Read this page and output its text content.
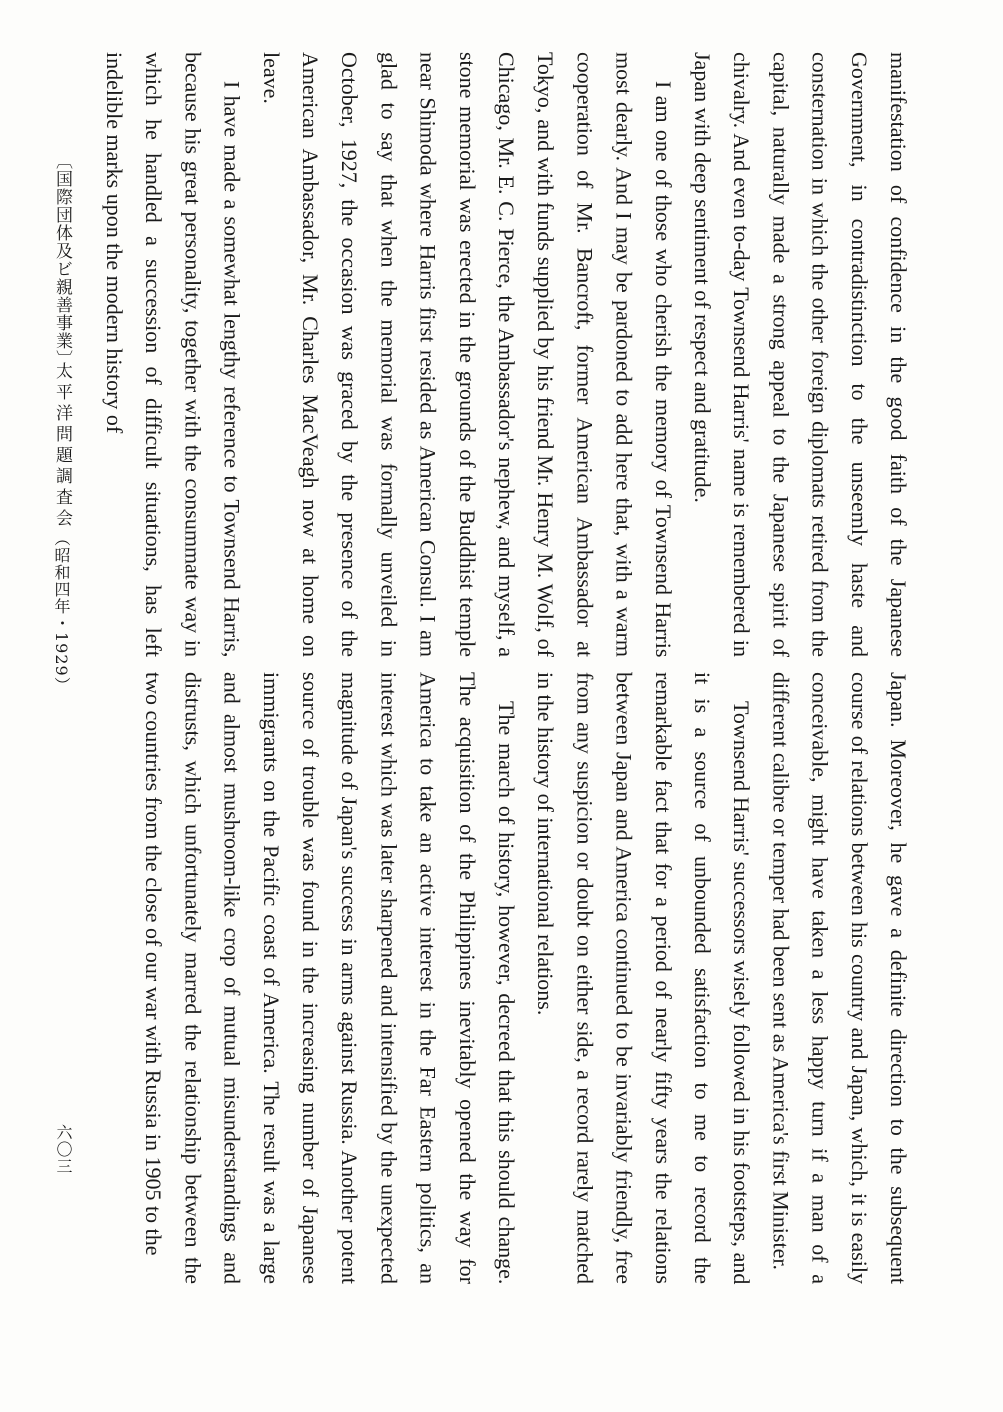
manifestation of confidence in the good faith of the Japanese Government, in contradistinction to the unseemly haste and consternation in which the other foreign diplomats retired from the capital, naturally made a strong appeal to the Japanese spirit of chivalry. And even to-day Townsend Harris' name is remembered in Japan with deep sentiment of respect and gratitude.

I am one of those who cherish the memory of Townsend Harris most dearly. And I may be pardoned to add here that, with a warm cooperation of Mr. Bancroft, former American Ambassador at Tokyo, and with funds supplied by his friend Mr. Henry M. Wolf, of Chicago, Mr. E. C. Pierce, the Ambassador's nephew, and myself, a stone memorial was erected in the grounds of the Buddhist temple near Shimoda where Harris first resided as American Consul. I am glad to say that when the memorial was formally unveiled in October, 1927, the occasion was graced by the presence of the American Ambassador, Mr. Charles MacVeagh now at home on leave.

I have made a somewhat lengthy reference to Townsend Harris, because his great personality, together with the consummate way in which he handled a succession of difficult situations, has left indelible marks upon the modern history of

Japan. Moreover, he gave a definite direction to the subsequent course of relations between his country and Japan, which, it is easily conceivable, might have taken a less happy turn if a man of a different calibre or temper had been sent as America's first Minister.

Townsend Harris' successors wisely followed in his footsteps, and it is a source of unbounded satisfaction to me to record the remarkable fact that for a period of nearly fifty years the relations between Japan and America continued to be invariably friendly, free from any suspicion or doubt on either side, a record rarely matched in the history of international relations.

The march of history, however, decreed that this should change. The acquisition of the Philippines inevitably opened the way for America to take an active interest in the Far Eastern politics, an interest which was later sharpened and intensified by the unexpected magnitude of Japan's success in arms against Russia. Another potent source of trouble was found in the increasing number of Japanese immigrants on the Pacific coast of America. The result was a large and almost mushroom-like crop of mutual misunderstandings and distrusts, which unfortunately marred the relationship between the two countries from the close of our war with Russia in 1905 to the

〔国際団体及ビ親善事業〕
太平洋問題調査会
（昭和四年・1929）
六〇三
